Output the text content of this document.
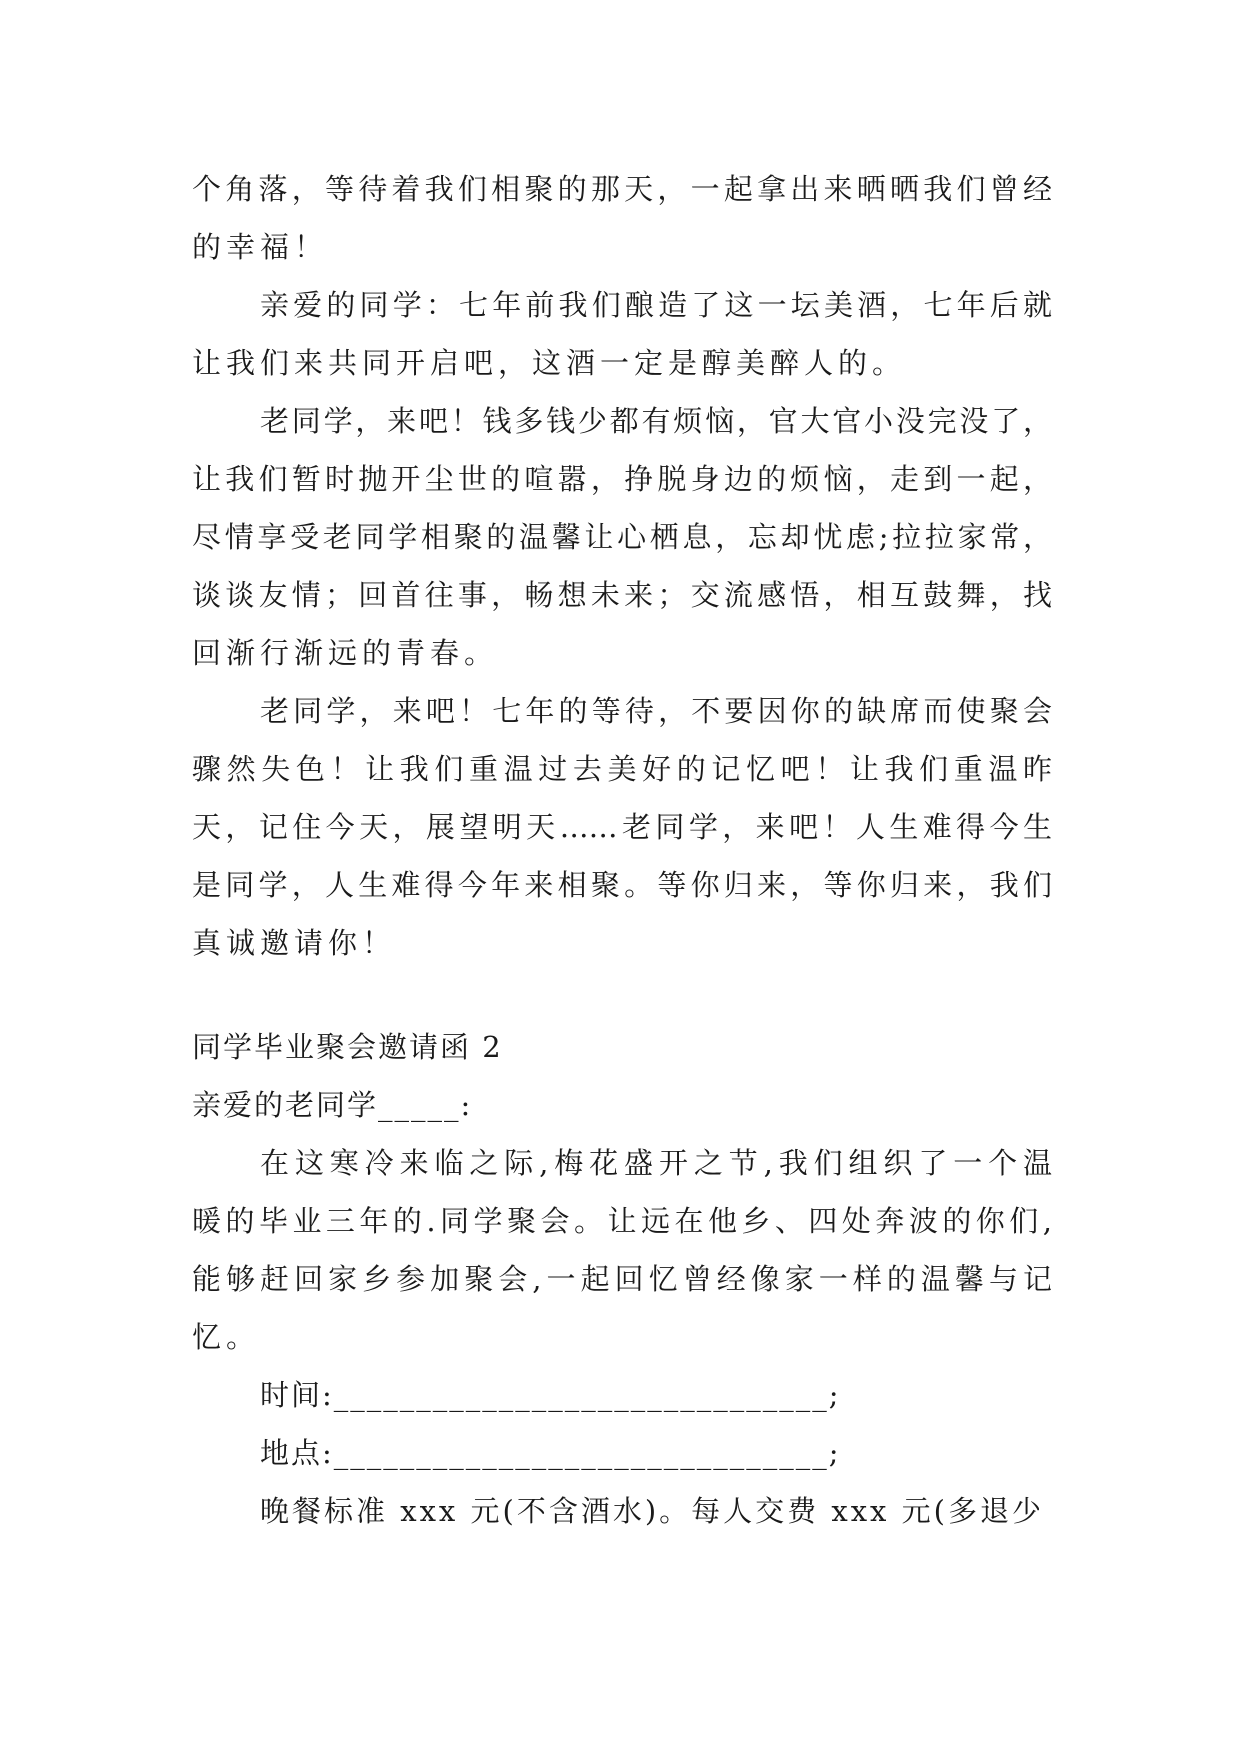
个角落，等待着我们相聚的那天，一起拿出来晒晒我们曾经
的幸福！
亲爱的同学：七年前我们酿造了这一坛美酒，七年后就
让我们来共同开启吧，这酒一定是醇美醉人的。
老同学，来吧！钱多钱少都有烦恼，官大官小没完没了，
让我们暂时抛开尘世的喧嚣，挣脱身边的烦恼，走到一起，
尽情享受老同学相聚的温馨让心栖息，忘却忧虑;拉拉家常，
谈谈友情；回首往事，畅想未来；交流感悟，相互鼓舞，找
回渐行渐远的青春。
老同学，来吧！七年的等待，不要因你的缺席而使聚会
骤然失色！让我们重温过去美好的记忆吧！让我们重温昨
天，记住今天，展望明天……老同学，来吧！人生难得今生
是同学，人生难得今年来相聚。等你归来，等你归来，我们
真诚邀请你！
同学毕业聚会邀请函 2
亲爱的老同学_____:
在这寒冷来临之际,梅花盛开之节,我们组织了一个温
暖的毕业三年的.同学聚会。让远在他乡、四处奔波的你们,
能够赶回家乡参加聚会,一起回忆曾经像家一样的温馨与记
忆。
时间:______________________________;
地点:______________________________;
晚餐标准 xxx 元(不含酒水)。每人交费 xxx 元(多退少
